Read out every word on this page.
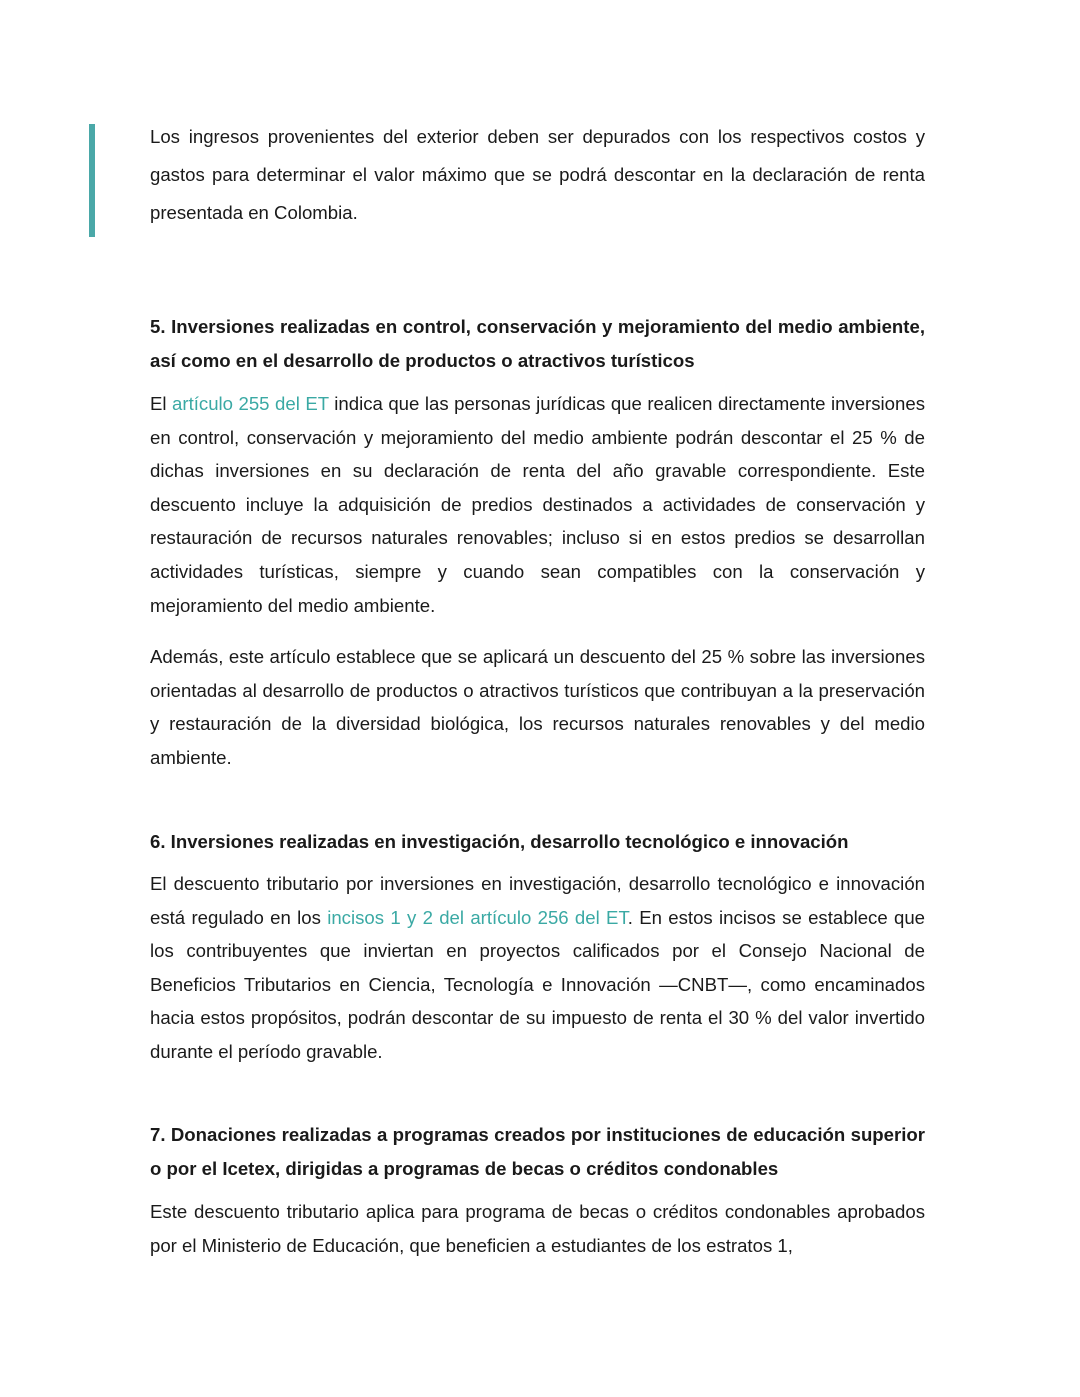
Los ingresos provenientes del exterior deben ser depurados con los respectivos costos y gastos para determinar el valor máximo que se podrá descontar en la declaración de renta presentada en Colombia.

5. Inversiones realizadas en control, conservación y mejoramiento del medio ambiente, así como en el desarrollo de productos o atractivos turísticos

El artículo 255 del ET indica que las personas jurídicas que realicen directamente inversiones en control, conservación y mejoramiento del medio ambiente podrán descontar el 25 % de dichas inversiones en su declaración de renta del año gravable correspondiente. Este descuento incluye la adquisición de predios destinados a actividades de conservación y restauración de recursos naturales renovables; incluso si en estos predios se desarrollan actividades turísticas, siempre y cuando sean compatibles con la conservación y mejoramiento del medio ambiente.

Además, este artículo establece que se aplicará un descuento del 25 % sobre las inversiones orientadas al desarrollo de productos o atractivos turísticos que contribuyan a la preservación y restauración de la diversidad biológica, los recursos naturales renovables y del medio ambiente.

6. Inversiones realizadas en investigación, desarrollo tecnológico e innovación

El descuento tributario por inversiones en investigación, desarrollo tecnológico e innovación está regulado en los incisos 1 y 2 del artículo 256 del ET. En estos incisos se establece que los contribuyentes que inviertan en proyectos calificados por el Consejo Nacional de Beneficios Tributarios en Ciencia, Tecnología e Innovación —CNBT—, como encaminados hacia estos propósitos, podrán descontar de su impuesto de renta el 30 % del valor invertido durante el período gravable.

7. Donaciones realizadas a programas creados por instituciones de educación superior o por el Icetex, dirigidas a programas de becas o créditos condonables

Este descuento tributario aplica para programa de becas o créditos condonables aprobados por el Ministerio de Educación, que beneficien a estudiantes de los estratos 1,
